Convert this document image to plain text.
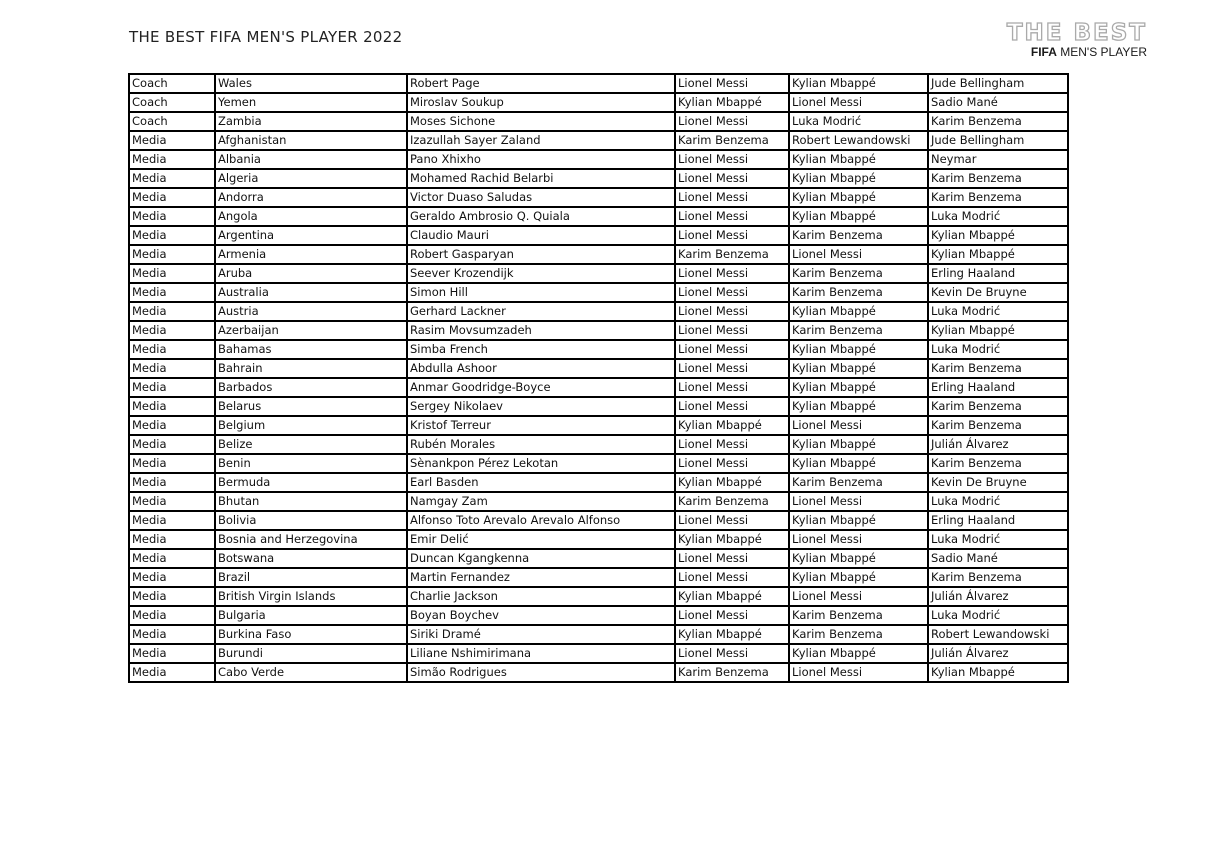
THE BEST FIFA MEN'S PLAYER 2022	THE BEST
FIFA MEN'S PLAYER
Coach	Wales	Robert Page	Lionel Messi	Kylian Mbappé	Jude Bellingham
Coach	Yemen	Miroslav Soukup	Kylian Mbappé	Lionel Messi	Sadio Mané
Coach	Zambia	Moses Sichone	Lionel Messi	Luka Modrić	Karim Benzema
Media	Afghanistan	Izazullah Sayer Zaland	Karim Benzema	Robert Lewandowski	Jude Bellingham
Media	Albania	Pano Xhixho	Lionel Messi	Kylian Mbappé	Neymar
Media	Algeria	Mohamed Rachid Belarbi	Lionel Messi	Kylian Mbappé	Karim Benzema
Media	Andorra	Victor Duaso Saludas	Lionel Messi	Kylian Mbappé	Karim Benzema
Media	Angola	Geraldo Ambrosio Q. Quiala	Lionel Messi	Kylian Mbappé	Luka Modrić
Media	Argentina	Claudio Mauri	Lionel Messi	Karim Benzema	Kylian Mbappé
Media	Armenia	Robert Gasparyan	Karim Benzema	Lionel Messi	Kylian Mbappé
Media	Aruba	Seever Krozendijk	Lionel Messi	Karim Benzema	Erling Haaland
Media	Australia	Simon Hill	Lionel Messi	Karim Benzema	Kevin De Bruyne
Media	Austria	Gerhard Lackner	Lionel Messi	Kylian Mbappé	Luka Modrić
Media	Azerbaijan	Rasim Movsumzadeh	Lionel Messi	Karim Benzema	Kylian Mbappé
Media	Bahamas	Simba French	Lionel Messi	Kylian Mbappé	Luka Modrić
Media	Bahrain	Abdulla Ashoor	Lionel Messi	Kylian Mbappé	Karim Benzema
Media	Barbados	Anmar Goodridge-Boyce	Lionel Messi	Kylian Mbappé	Erling Haaland
Media	Belarus	Sergey Nikolaev	Lionel Messi	Kylian Mbappé	Karim Benzema
Media	Belgium	Kristof Terreur	Kylian Mbappé	Lionel Messi	Karim Benzema
Media	Belize	Rubén Morales	Lionel Messi	Kylian Mbappé	Julián Álvarez
Media	Benin	Sènankpon Pérez Lekotan	Lionel Messi	Kylian Mbappé	Karim Benzema
Media	Bermuda	Earl Basden	Kylian Mbappé	Karim Benzema	Kevin De Bruyne
Media	Bhutan	Namgay Zam	Karim Benzema	Lionel Messi	Luka Modrić
Media	Bolivia	Alfonso Toto Arevalo Arevalo Alfonso	Lionel Messi	Kylian Mbappé	Erling Haaland
Media	Bosnia and Herzegovina	Emir Delić	Kylian Mbappé	Lionel Messi	Luka Modrić
Media	Botswana	Duncan Kgangkenna	Lionel Messi	Kylian Mbappé	Sadio Mané
Media	Brazil	Martin Fernandez	Lionel Messi	Kylian Mbappé	Karim Benzema
Media	British Virgin Islands	Charlie Jackson	Kylian Mbappé	Lionel Messi	Julián Álvarez
Media	Bulgaria	Boyan Boychev	Lionel Messi	Karim Benzema	Luka Modrić
Media	Burkina Faso	Siriki Dramé	Kylian Mbappé	Karim Benzema	Robert Lewandowski
Media	Burundi	Liliane Nshimirimana	Lionel Messi	Kylian Mbappé	Julián Álvarez
Media	Cabo Verde	Simão Rodrigues	Karim Benzema	Lionel Messi	Kylian Mbappé
